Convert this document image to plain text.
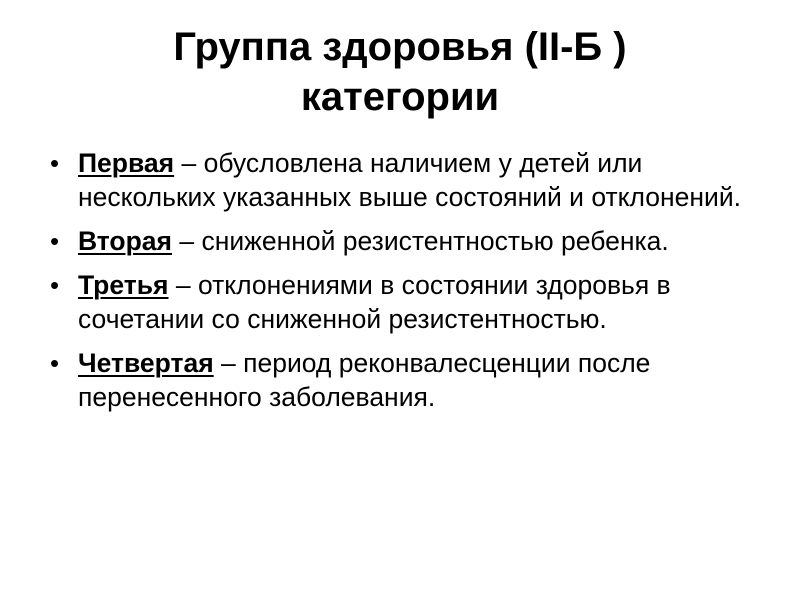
Группа здоровья (II-Б )
категории
• Первая – обусловлена наличием у детей или нескольких указанных выше состояний и отклонений.
• Вторая – сниженной резистентностью ребенка.
• Третья – отклонениями в состоянии здоровья в сочетании со сниженной резистентностью.
• Четвертая – период реконвалесценции после перенесенного заболевания.
